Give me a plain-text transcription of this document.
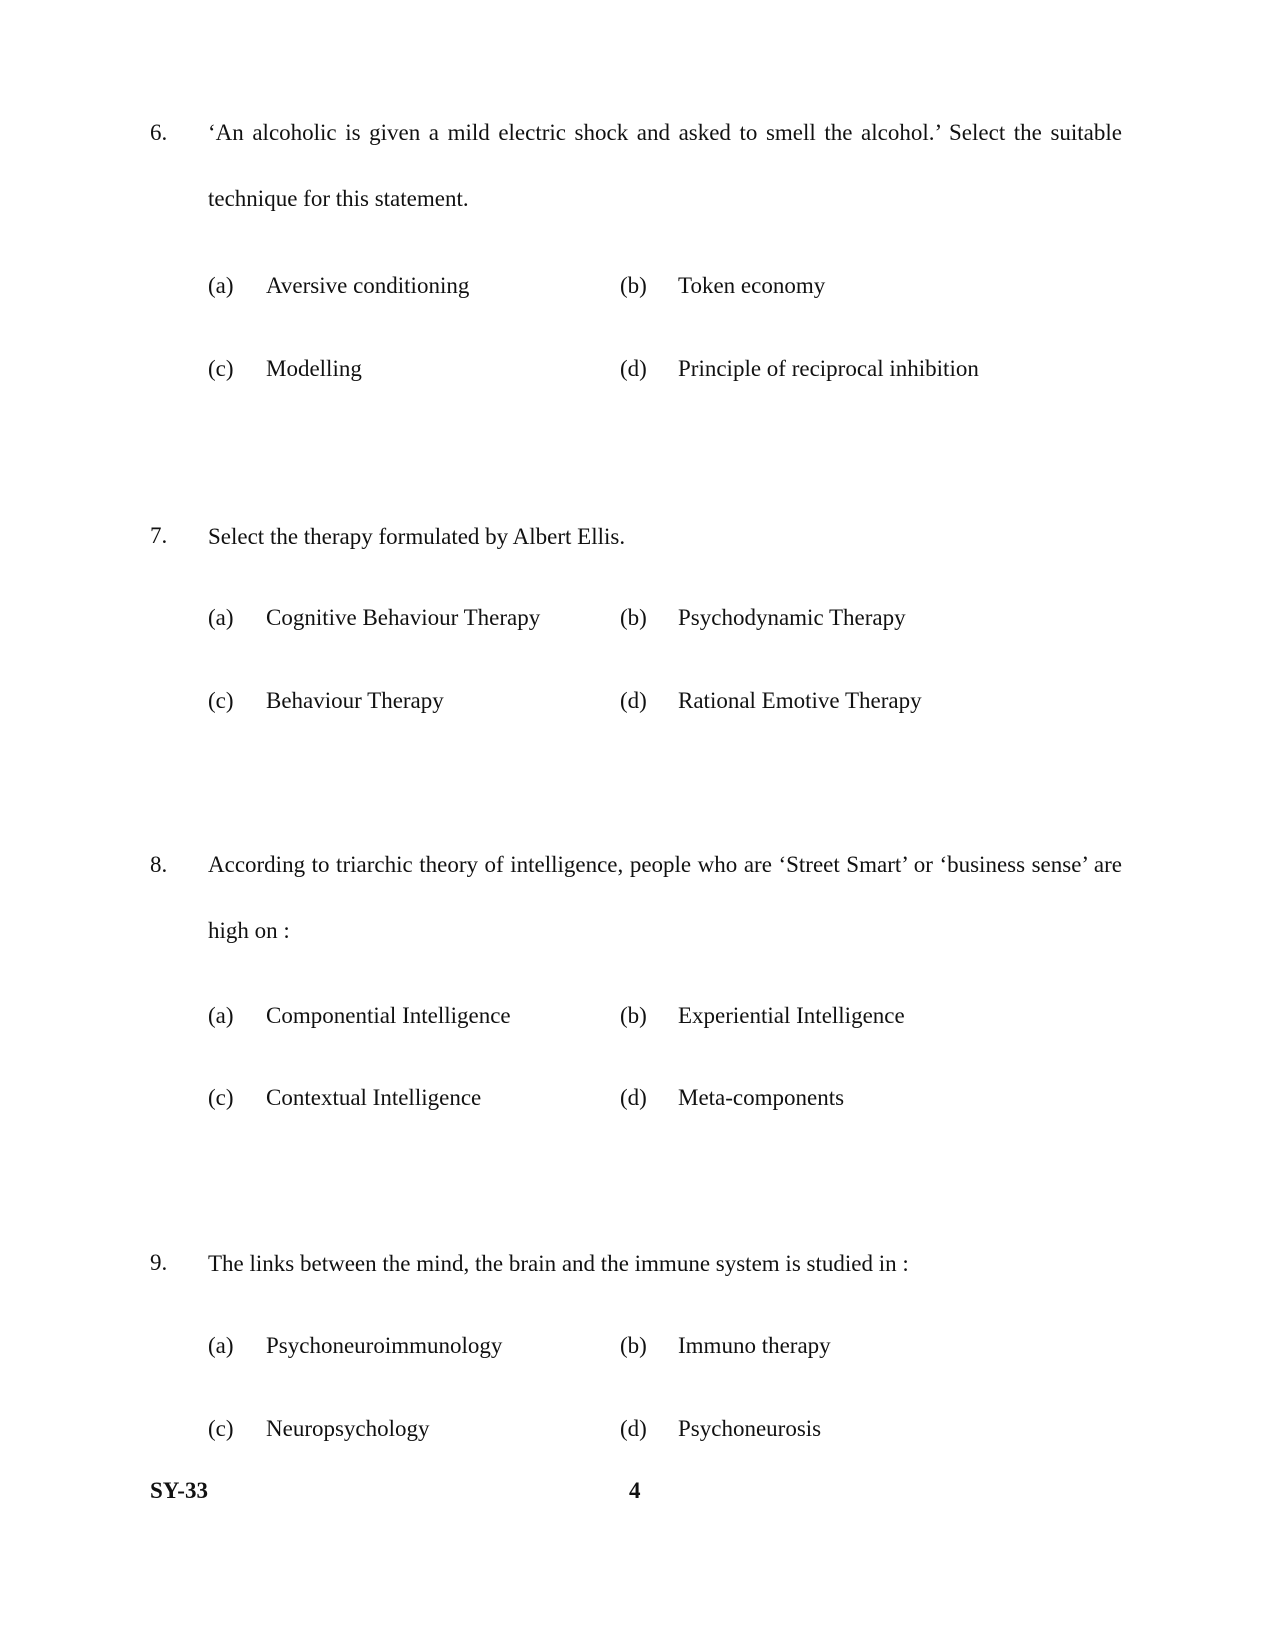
6. ‘An alcoholic is given a mild electric shock and asked to smell the alcohol.’ Select the suitable technique for this statement.
(a) Aversive conditioning	(b) Token economy
(c) Modelling	(d) Principle of reciprocal inhibition
7. Select the therapy formulated by Albert Ellis.
(a) Cognitive Behaviour Therapy	(b) Psychodynamic Therapy
(c) Behaviour Therapy	(d) Rational Emotive Therapy
8. According to triarchic theory of intelligence, people who are ‘Street Smart’ or ‘business sense’ are high on :
(a) Componential Intelligence	(b) Experiential Intelligence
(c) Contextual Intelligence	(d) Meta-components
9. The links between the mind, the brain and the immune system is studied in :
(a) Psychoneuroimmunology	(b) Immuno therapy
(c) Neuropsychology	(d) Psychoneurosis
SY-33	4
